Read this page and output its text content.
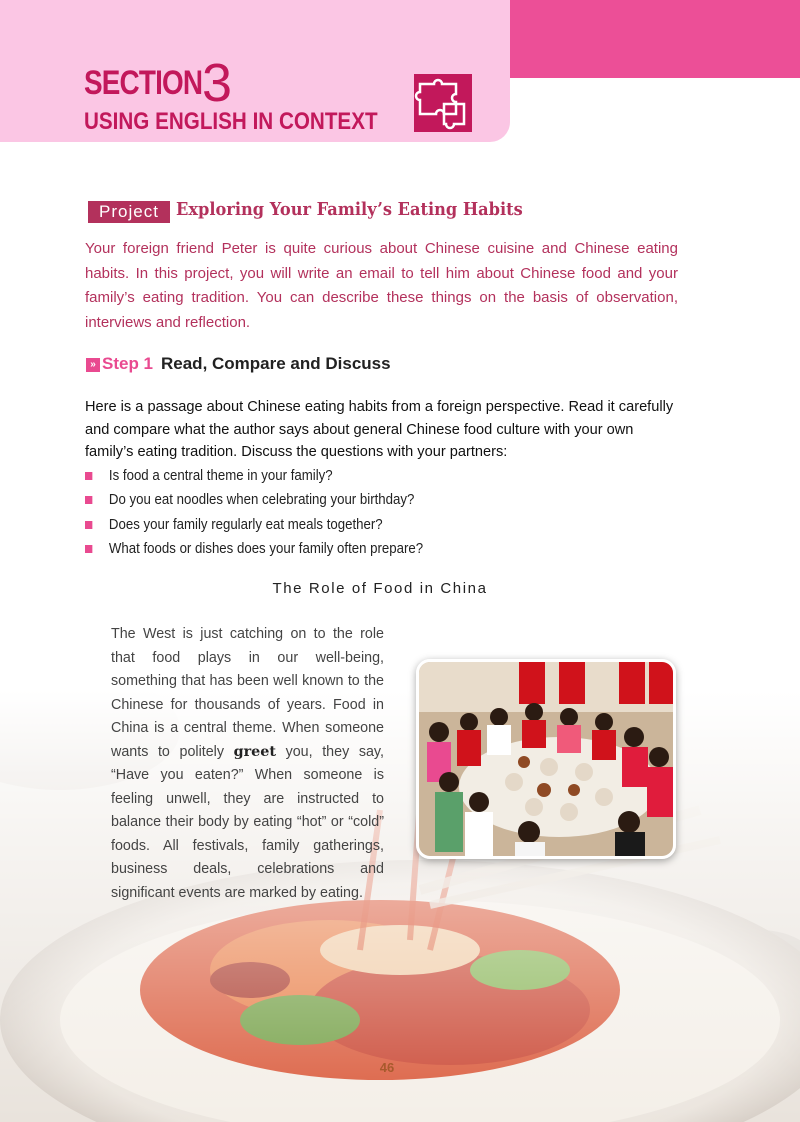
SECTION 3
USING ENGLISH IN CONTEXT
Project Exploring Your Family’s Eating Habits

Your foreign friend Peter is quite curious about Chinese cuisine and Chinese eating habits. In this project, you will write an email to tell him about Chinese food and your family’s eating tradition. You can describe these things on the basis of observation, interviews and reflection.

» Step 1 Read, Compare and Discuss

Here is a passage about Chinese eating habits from a foreign perspective. Read it carefully and compare what the author says about general Chinese food culture with your own family’s eating tradition. Discuss the questions with your partners:

Is food a central theme in your family?
Do you eat noodles when celebrating your birthday?
Does your family regularly eat meals together?
What foods or dishes does your family often prepare?
The Role of Food in China

The West is just catching on to the role that food plays in our well-being, something that has been well known to the Chinese for thousands of years. Food in China is a central theme. When someone wants to politely greet you, they say, “Have you eaten?” When someone is feeling unwell, they are instructed to balance their body by eating “hot” or “cold” foods. All festivals, family gatherings, business deals, celebrations and significant events are marked by eating.

46
